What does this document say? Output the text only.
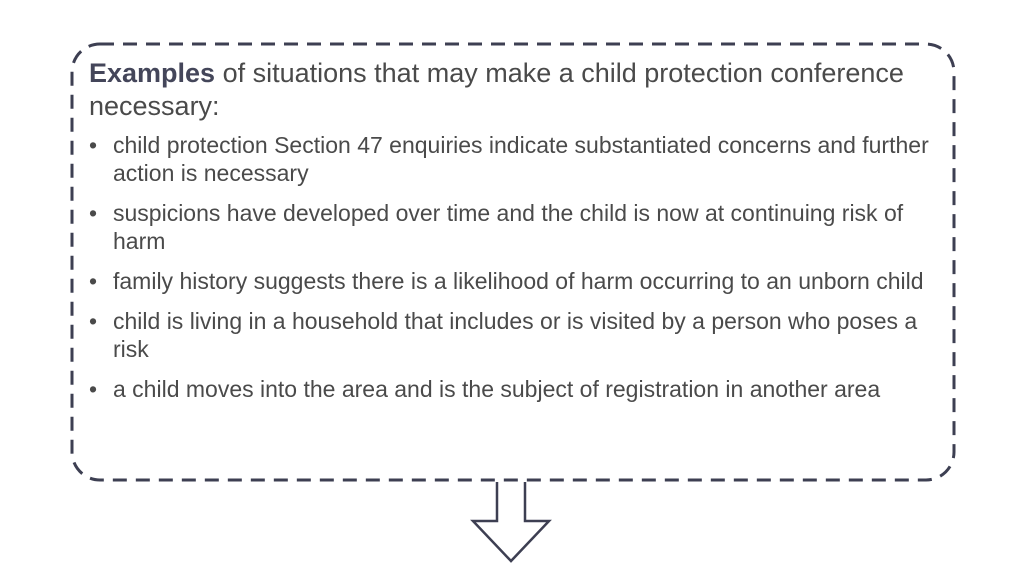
Examples of situations that may make a child protection conference necessary:
• child protection Section 47 enquiries indicate substantiated concerns and further action is necessary
• suspicions have developed over time and the child is now at continuing risk of harm
• family history suggests there is a likelihood of harm occurring to an unborn child
• child is living in a household that includes or is visited by a person who poses a risk
• a child moves into the area and is the subject of registration in another area
